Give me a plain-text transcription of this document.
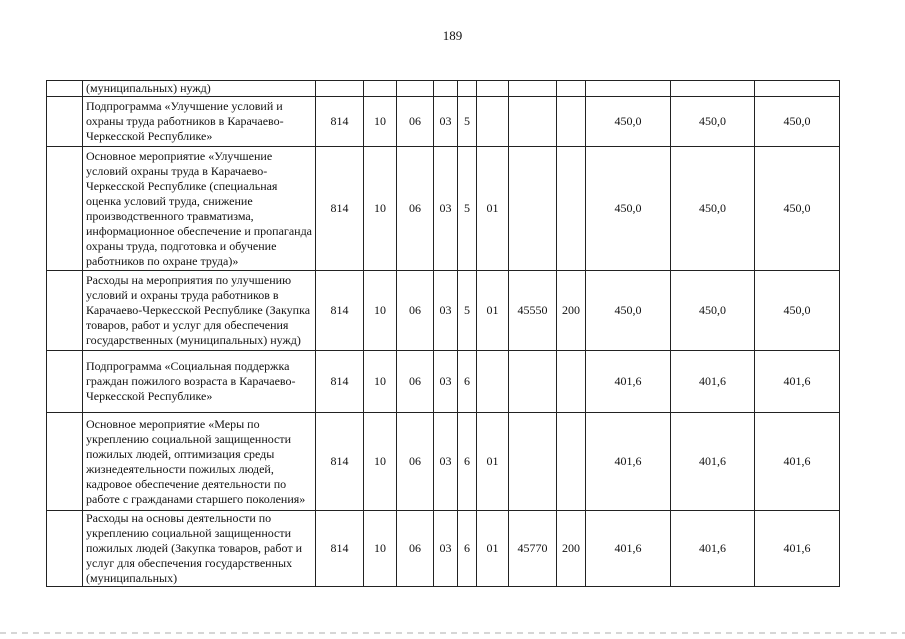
189
	(муниципальных) нужд)											
	Подпрограмма «Улучшение условий и охраны труда работников в Карачаево-Черкесской Республике»	814	10	06	03	5				450,0	450,0	450,0
	Основное мероприятие «Улучшение условий охраны труда в Карачаево-Черкесской Республике (специальная оценка условий труда, снижение производственного травматизма, информационное обеспечение и пропаганда охраны труда, подготовка и обучение работников по охране труда)»	814	10	06	03	5	01			450,0	450,0	450,0
	Расходы на мероприятия по улучшению условий и охраны труда работников в Карачаево-Черкесской Республике (Закупка товаров, работ и услуг для обеспечения государственных (муниципальных) нужд)	814	10	06	03	5	01	45550	200	450,0	450,0	450,0
	Подпрограмма «Социальная поддержка граждан пожилого возраста в Карачаево-Черкесской Республике»	814	10	06	03	6				401,6	401,6	401,6
	Основное мероприятие «Меры по укреплению социальной защищенности пожилых людей, оптимизация среды жизнедеятельности пожилых людей, кадровое обеспечение деятельности по работе с гражданами старшего поколения»	814	10	06	03	6	01			401,6	401,6	401,6
	Расходы на основы деятельности по укреплению социальной защищенности пожилых людей (Закупка товаров, работ и услуг для обеспечения государственных (муниципальных)	814	10	06	03	6	01	45770	200	401,6	401,6	401,6
